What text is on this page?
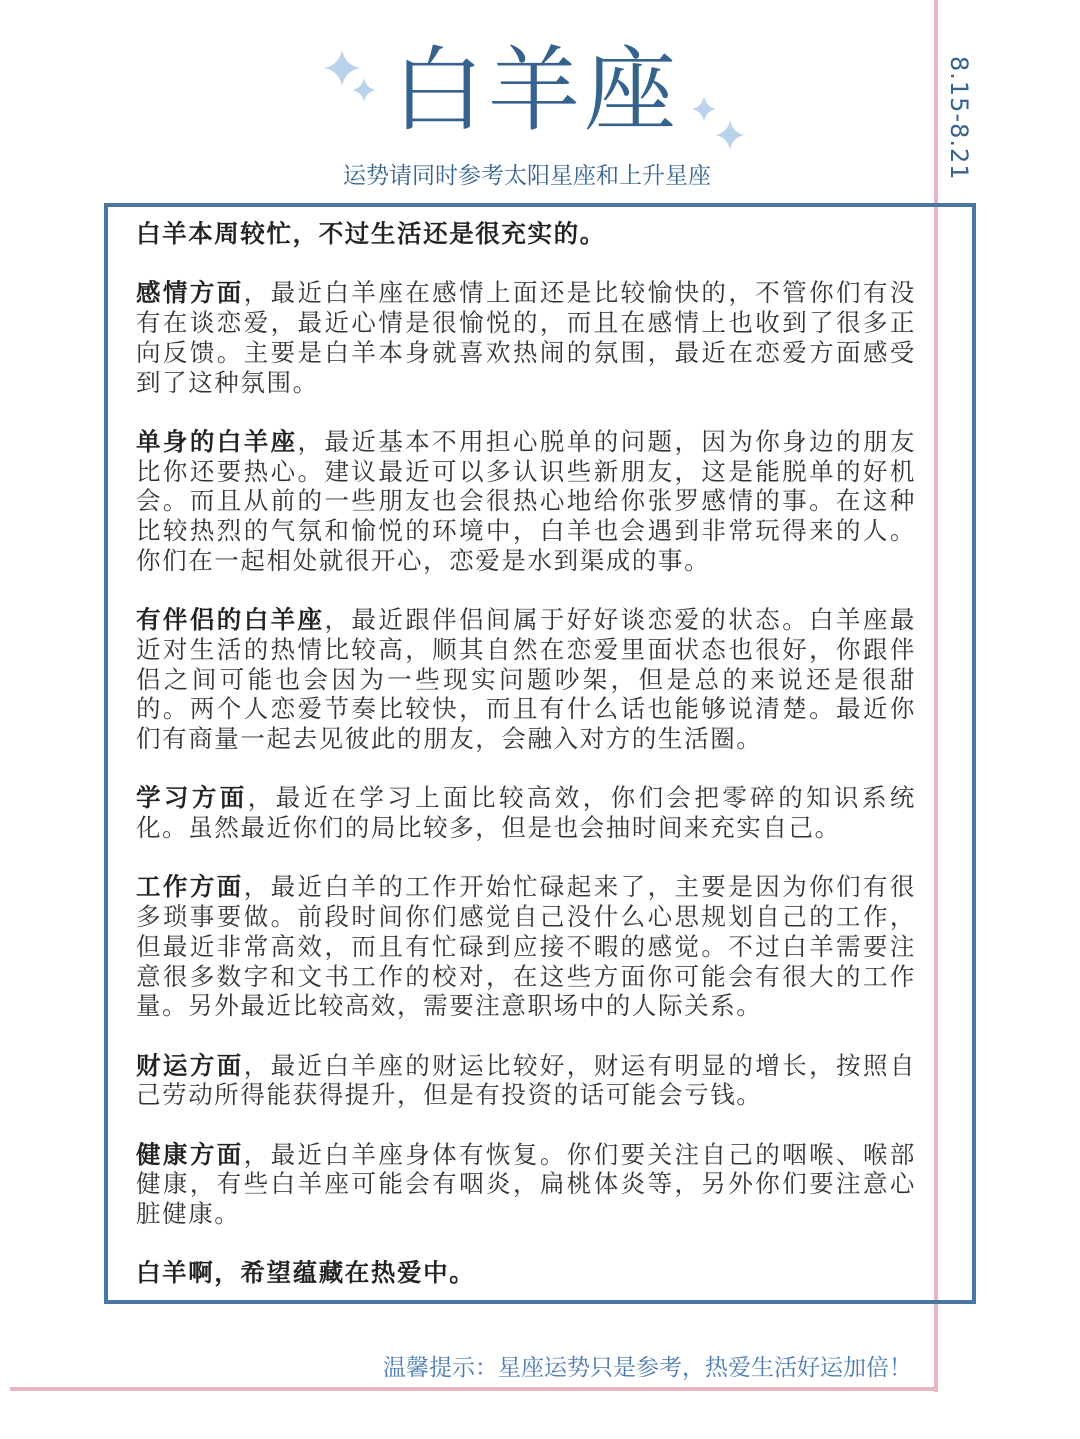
白羊座
运势请同时参考太阳星座和上升星座	8.15-8.21

白羊本周较忙，不过生活还是很充实的。

感情方面，最近白羊座在感情上面还是比较愉快的，不管你们有没有在谈恋爱，最近心情是很愉悦的，而且在感情上也收到了很多正向反馈。主要是白羊本身就喜欢热闹的氛围，最近在恋爱方面感受到了这种氛围。

单身的白羊座，最近基本不用担心脱单的问题，因为你身边的朋友比你还要热心。建议最近可以多认识些新朋友，这是能脱单的好机会。而且从前的一些朋友也会很热心地给你张罗感情的事。在这种比较热烈的气氛和愉悦的环境中，白羊也会遇到非常玩得来的人。你们在一起相处就很开心，恋爱是水到渠成的事。

有伴侣的白羊座，最近跟伴侣间属于好好谈恋爱的状态。白羊座最近对生活的热情比较高，顺其自然在恋爱里面状态也很好，你跟伴侣之间可能也会因为一些现实问题吵架，但是总的来说还是很甜的。两个人恋爱节奏比较快，而且有什么话也能够说清楚。最近你们有商量一起去见彼此的朋友，会融入对方的生活圈。

学习方面，最近在学习上面比较高效，你们会把零碎的知识系统化。虽然最近你们的局比较多，但是也会抽时间来充实自己。

工作方面，最近白羊的工作开始忙碌起来了，主要是因为你们有很多琐事要做。前段时间你们感觉自己没什么心思规划自己的工作，但最近非常高效，而且有忙碌到应接不暇的感觉。不过白羊需要注意很多数字和文书工作的校对，在这些方面你可能会有很大的工作量。另外最近比较高效，需要注意职场中的人际关系。

财运方面，最近白羊座的财运比较好，财运有明显的增长，按照自己劳动所得能获得提升，但是有投资的话可能会亏钱。

健康方面，最近白羊座身体有恢复。你们要关注自己的咽喉、喉部健康，有些白羊座可能会有咽炎，扁桃体炎等，另外你们要注意心脏健康。

白羊啊，希望蕴藏在热爱中。

温馨提示：星座运势只是参考，热爱生活好运加倍！
